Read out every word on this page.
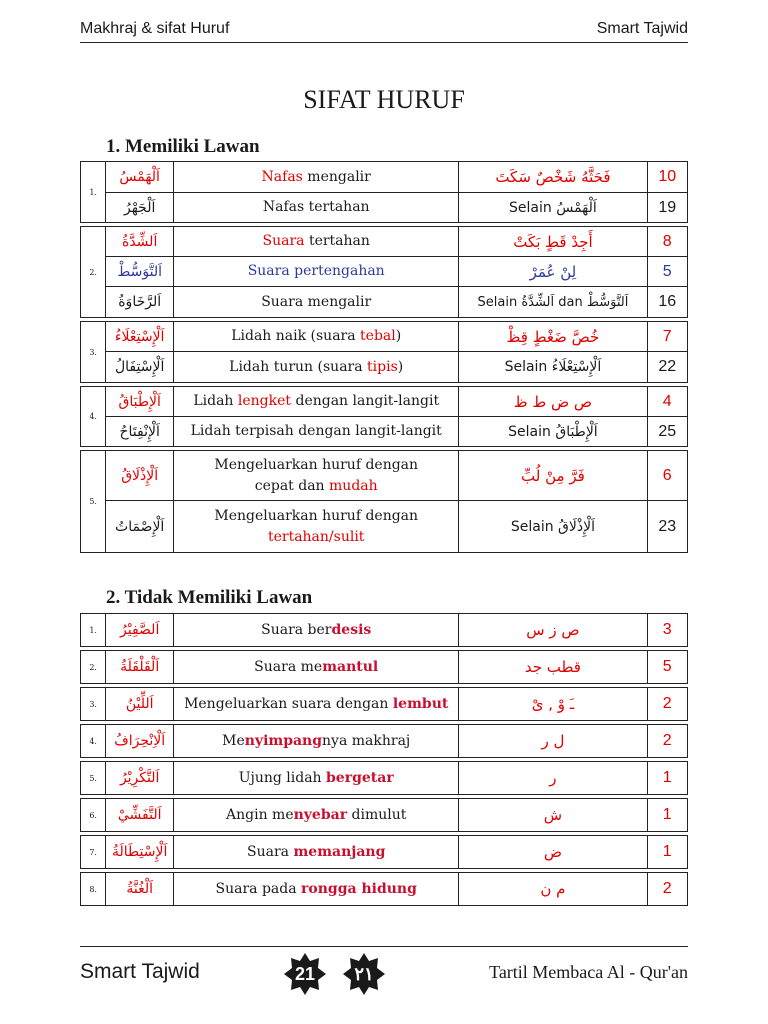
Makhraj & sifat Huruf	Smart Tajwid
SIFAT HURUF
1. Memiliki Lawan
1.	اَلْهَمْسُ	Nafas mengalir	فَحَثَّهُ شَخْصٌ سَكَتَ	10
	اَلْجَهْرُ	Nafas tertahan	Selain اَلْهَمْسُ	19

2.	اَلشِّدَّةُ	Suara tertahan	أَجِدْ قَطٍ بَكَتْ	8
	اَلتَّوَسُّطْ	Suara pertengahan	لِنْ عُمَرْ	5
	اَلرَّخَاوَةُ	Suara mengalir	Selain اَلشِّدَّةُ dan اَلتَّوَسُّطْ	16

3.	اَلْإِسْتِعْلَاءُ	Lidah naik (suara tebal)	خُصَّ ضَغْطٍ قِظْ	7
	اَلْإِسْتِفَالُ	Lidah turun (suara tipis)	Selain اَلْإِسْتِعْلَاءُ	22

4.	اَلْإِطْبَاقُ	Lidah lengket dengan langit-langit	ص ض ط ظ	4
	اَلْإِنْفِتَاحُ	Lidah terpisah dengan langit-langit	Selain اَلْإِطْبَاقُ	25

5.	اَلْإِذْلَاقُ	Mengeluarkan huruf dengan
cepat dan mudah	فَرَّ مِنْ لُبِّ	6
	اَلْإِصْمَاتُ	Mengeluarkan huruf dengan
tertahan/sulit	Selain اَلْإِذْلَاقُ	23
2. Tidak Memiliki Lawan
1.	اَلصَّفِيْرُ	Suara berdesis	ص ز س	3

2.	اَلْقَلْقَلَةُ	Suara memantul	قطب جد	5

3.	اَللِّيْنُ	Mengeluarkan suara dengan lembut	ـَ وْ , ىْ	2

4.	اَلْاِنْحِرَافُ	Menyimpangnya makhraj	ل ر	2

5.	اَلتَّكْرِيْرُ	Ujung lidah bergetar	ر	1

6.	اَلتَّفَشِّيْ	Angin menyebar dimulut	ش	1

7.	اَلْإِسْتِطَالَةُ	Suara memanjang	ض	1

8.	اَلْغُنَّةُ	Suara pada rongga hidung	م ن	2
Smart Tajwid	21 ٢١	Tartil Membaca Al - Qur'an
